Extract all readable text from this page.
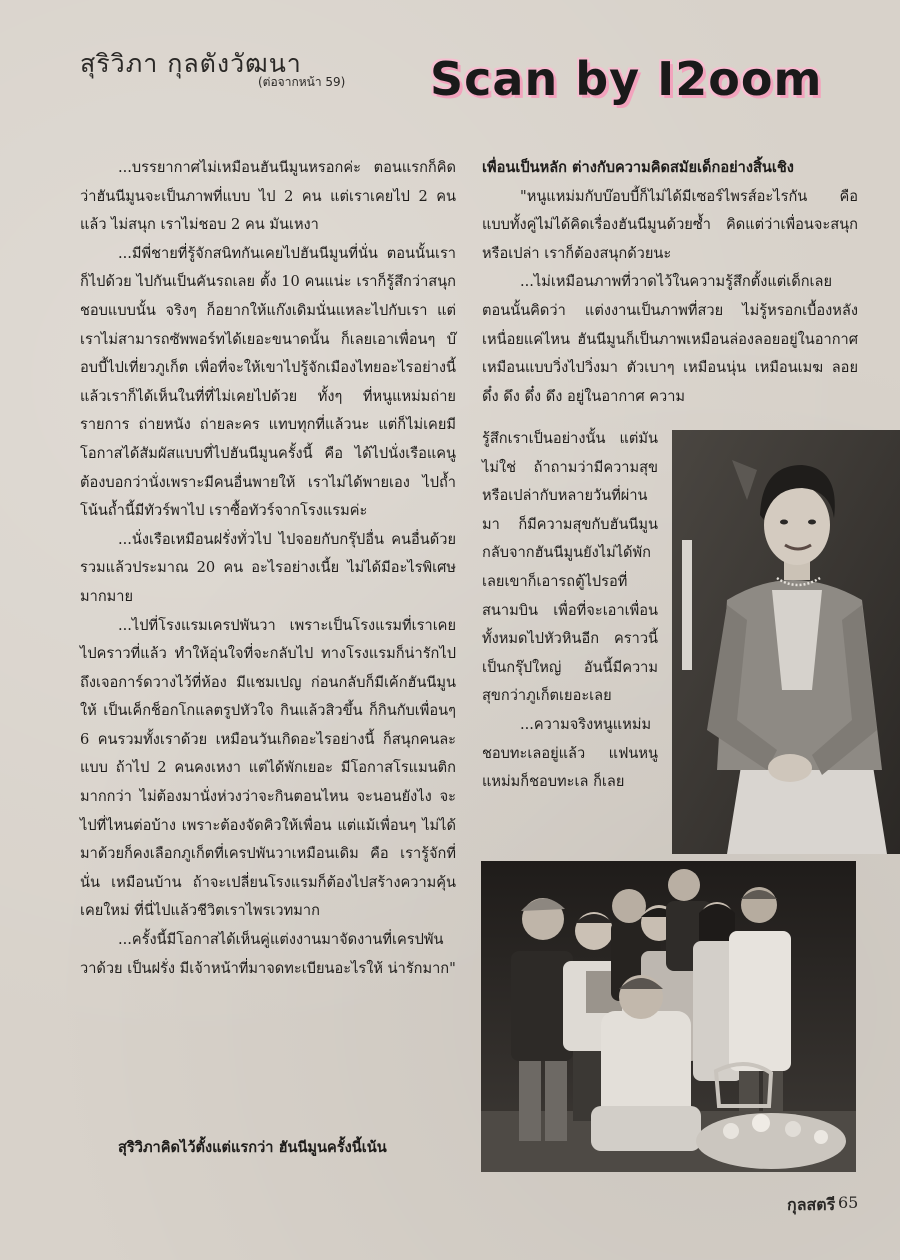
สุริวิภา กุลตังวัฒนา
(ต่อจากหน้า 59) Scan by I2oom

...บรรยากาศไม่เหมือนฮันนีมูนหรอกค่ะ ตอนแรกก็คิดว่าฮันนีมูนจะเป็นภาพที่แบบ ไป 2 คน แต่เราเคยไป 2 คนแล้ว ไม่สนุก เราไม่ชอบ 2 คน มันเหงา

...มีพี่ชายที่รู้จักสนิทกันเคยไปฮันนีมูนที่นั่น ตอนนั้นเราก็ไปด้วย ไปกันเป็นคันรถเลย ตั้ง 10 คนแน่ะ เราก็รู้สึกว่าสนุก ชอบแบบนั้น จริงๆ ก็อยากให้แก๊งเดิมนั่นแหละไปกับเรา แต่เราไม่สามารถซัพพอร์ทได้เยอะขนาดนั้น ก็เลยเอาเพื่อนๆ บ๊อบบี้ไปเที่ยวภูเก็ต เพื่อที่จะให้เขาไปรู้จักเมืองไทยอะไรอย่างนี้ แล้วเราก็ได้เห็นในที่ที่ไม่เคยไปด้วย ทั้งๆ ที่หนูแหม่มถ่ายรายการ ถ่ายหนัง ถ่ายละคร แทบทุกที่แล้วนะ แต่ก็ไม่เคยมีโอกาสได้สัมผัสแบบที่ไปฮันนีมูนครั้งนี้ คือ ได้ไปนั่งเรือแคนู ต้องบอกว่านั่งเพราะมีคนอื่นพายให้ เราไม่ได้พายเอง ไปถ้ำโน้นถ้ำนี้มีทัวร์พาไป เราซื้อทัวร์จากโรงแรมค่ะ

...นั่งเรือเหมือนฝรั่งทั่วไป ไปจอยกับกรุ๊ปอื่น คนอื่นด้วย รวมแล้วประมาณ 20 คน อะไรอย่างเนี้ย ไม่ได้มีอะไรพิเศษมากมาย

...ไปที่โรงแรมเครปพันวา เพราะเป็นโรงแรมที่เราเคยไปคราวที่แล้ว ทำให้อุ่นใจที่จะกลับไป ทางโรงแรมก็น่ารักไปถึงเจอการ์ดวางไว้ที่ห้อง มีแชมเปญ ก่อนกลับก็มีเค้กฮันนีมูนให้ เป็นเค็กช็อกโกแลตรูปหัวใจ กินแล้วสิวขึ้น ก็กินกับเพื่อนๆ 6 คนรวมทั้งเราด้วย เหมือนวันเกิดอะไรอย่างนี้ ก็สนุกคนละแบบ ถ้าไป 2 คนคงเหงา แต่ได้พักเยอะ มีโอกาสโรแมนติกมากกว่า ไม่ต้องมานั่งห่วงว่าจะกินตอนไหน จะนอนยังไง จะไปที่ไหนต่อบ้าง เพราะต้องจัดคิวให้เพื่อน แต่แม้เพื่อนๆ ไม่ได้มาด้วยก็คงเลือกภูเก็ตที่เครปพันวาเหมือนเดิม คือ เรารู้จักที่นั่น เหมือนบ้าน ถ้าจะเปลี่ยนโรงแรมก็ต้องไปสร้างความคุ้นเคยใหม่ ที่นี่ไปแล้วชีวิตเราไพรเวทมาก

...ครั้งนี้มีโอกาสได้เห็นคู่แต่งงานมาจัดงานที่เครปพันวาด้วย เป็นฝรั่ง มีเจ้าหน้าที่มาจดทะเบียนอะไรให้ น่ารักมาก"

สุริวิภาคิดไว้ตั้งแต่แรกว่า ฮันนีมูนครั้งนี้เน้น

เพื่อนเป็นหลัก ต่างกับความคิดสมัยเด็กอย่างสิ้นเชิง

"หนูแหม่มกับบ๊อบบี้ก็ไม่ได้มีเซอร์ไพรส์อะไรกัน คือแบบทั้งคู่ไม่ได้คิดเรื่องฮันนีมูนด้วยซ้ำ คิดแต่ว่าเพื่อนจะสนุกหรือเปล่า เราก็ต้องสนุกด้วยนะ

...ไม่เหมือนภาพที่วาดไว้ในความรู้สึกตั้งแต่เด็กเลย ตอนนั้นคิดว่า แต่งงานเป็นภาพที่สวย ไม่รู้หรอกเบื้องหลังเหนื่อยแค่ไหน ฮันนีมูนก็เป็นภาพเหมือนล่องลอยอยู่ในอากาศ เหมือนแบบวิ่งไปวิ่งมา ตัวเบาๆ เหมือนนุ่น เหมือนเมฆ ลอยดึ๋ง ดึง ดึ๋ง ดึง อยู่ในอากาศ ความ

รู้สึกเราเป็นอย่างนั้น แต่มันไม่ใช่ ถ้าถามว่ามีความสุขหรือเปล่ากับหลายวันที่ผ่านมา ก็มีความสุขกับฮันนีมูน กลับจากฮันนีมูนยังไม่ได้พักเลยเขาก็เอารถตู้ไปรอที่สนามบิน เพื่อที่จะเอาเพื่อนทั้งหมดไปหัวหินอีก คราวนี้เป็นกรุ๊ปใหญ่ อันนี้มีความสุขกว่าภูเก็ตเยอะเลย

...ความจริงหนูแหม่มชอบทะเลอยู่แล้ว แฟนหนูแหม่มก็ชอบทะเล ก็เลย

กุลสตรี 65
